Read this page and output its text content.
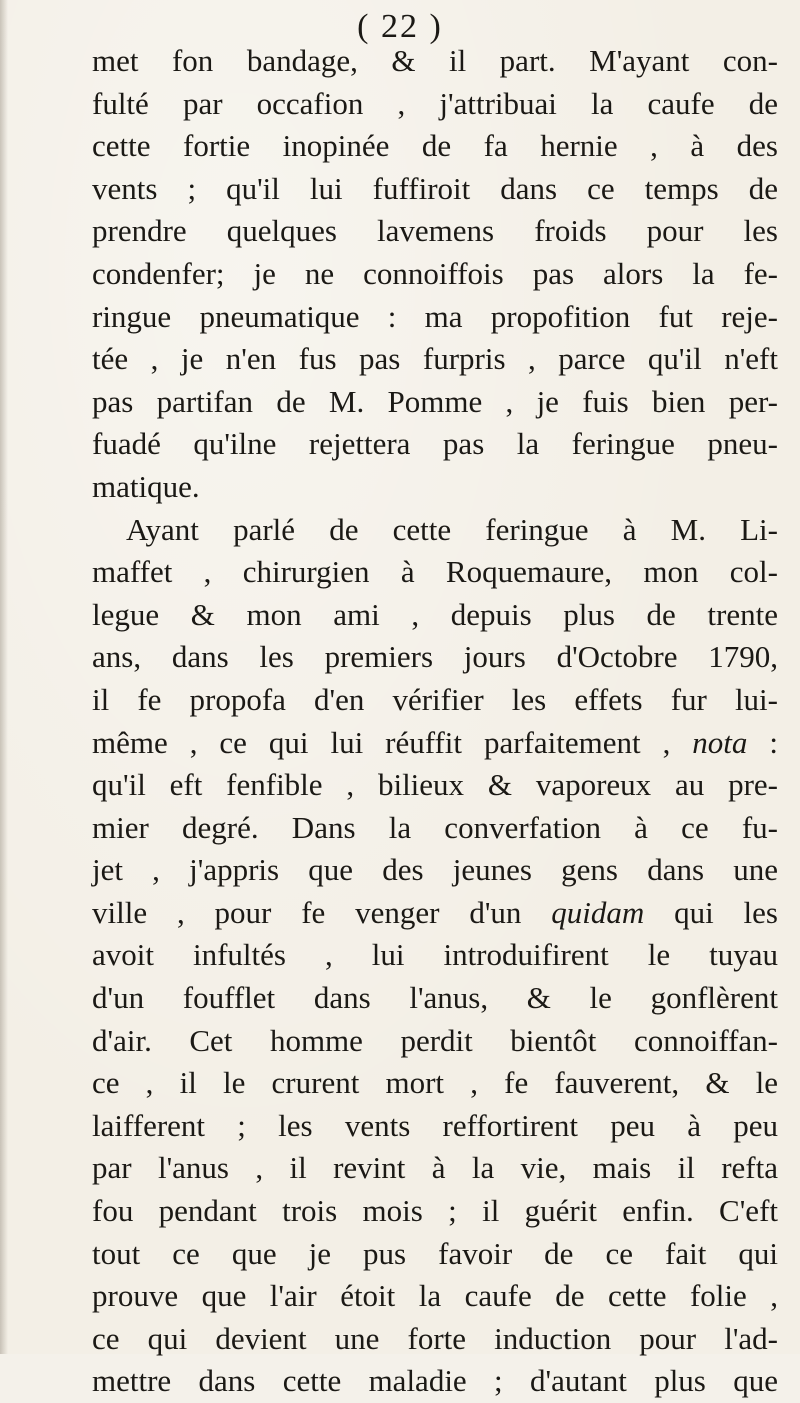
( 22 )
met fon bandage, & il part. M'ayant con-
fulté par occafion , j'attribuai la caufe de
cette fortie inopinée de fa hernie , à des
vents ; qu'il lui fuffiroit dans ce temps de
prendre quelques lavemens froids pour les
condenfer; je ne connoiffois pas alors la fe-
ringue pneumatique : ma propofition fut reje-
tée , je n'en fus pas furpris , parce qu'il n'eft
pas partifan de M. Pomme , je fuis bien per-
fuadé qu'ilne rejettera pas la feringue pneu-
matique.
Ayant parlé de cette feringue à M. Li-
maffet , chirurgien à Roquemaure, mon col-
legue & mon ami , depuis plus de trente
ans, dans les premiers jours d'Octobre 1790,
il fe propofa d'en vérifier les effets fur lui-
même , ce qui lui réuffit parfaitement , nota :
qu'il eft fenfible , bilieux & vaporeux au pre-
mier degré. Dans la converfation à ce fu-
jet , j'appris que des jeunes gens dans une
ville , pour fe venger d'un quidam qui les
avoit infultés , lui introduifirent le tuyau
d'un foufflet dans l'anus, & le gonflèrent
d'air. Cet homme perdit bientôt connoiffan-
ce , il le crurent mort , fe fauverent, & le
laifferent ; les vents reffortirent peu à peu
par l'anus , il revint à la vie, mais il refta
fou pendant trois mois ; il guérit enfin. C'eft
tout ce que je pus favoir de ce fait qui
prouve que l'air étoit la caufe de cette folie ,
ce qui devient une forte induction pour l'ad-
mettre dans cette maladie ; d'autant plus que
